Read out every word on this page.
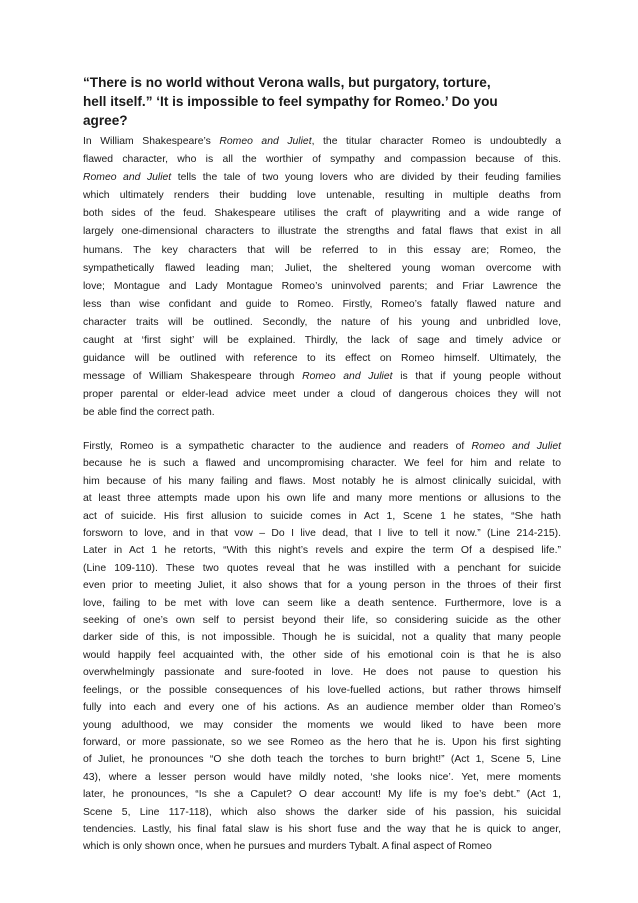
“There is no world without Verona walls, but purgatory, torture,
hell itself.” ‘It is impossible to feel sympathy for Romeo.’ Do you
agree?
In William Shakespeare’s Romeo and Juliet, the titular character Romeo is undoubtedly a
flawed character, who is all the worthier of sympathy and compassion because of this.
Romeo and Juliet tells the tale of two young lovers who are divided by their feuding families
which ultimately renders their budding love untenable, resulting in multiple deaths from
both sides of the feud. Shakespeare utilises the craft of playwriting and a wide range of
largely one-dimensional characters to illustrate the strengths and fatal flaws that exist in all
humans. The key characters that will be referred to in this essay are; Romeo, the
sympathetically flawed leading man; Juliet, the sheltered young woman overcome with
love; Montague and Lady Montague Romeo’s uninvolved parents; and Friar Lawrence the
less than wise confidant and guide to Romeo. Firstly, Romeo’s fatally flawed nature and
character traits will be outlined. Secondly, the nature of his young and unbridled love,
caught at ‘first sight’ will be explained. Thirdly, the lack of sage and timely advice or
guidance will be outlined with reference to its effect on Romeo himself. Ultimately, the
message of William Shakespeare through Romeo and Juliet is that if young people without
proper parental or elder-lead advice meet under a cloud of dangerous choices they will not
be able find the correct path.
Firstly, Romeo is a sympathetic character to the audience and readers of Romeo and Juliet
because he is such a flawed and uncompromising character. We feel for him and relate to
him because of his many failing and flaws. Most notably he is almost clinically suicidal, with
at least three attempts made upon his own life and many more mentions or allusions to the
act of suicide. His first allusion to suicide comes in Act 1, Scene 1 he states, “She hath
forsworn to love, and in that vow – Do I live dead, that I live to tell it now.” (Line 214-215).
Later in Act 1 he retorts, “With this night’s revels and expire the term Of a despised life.”
(Line 109-110). These two quotes reveal that he was instilled with a penchant for suicide
even prior to meeting Juliet, it also shows that for a young person in the throes of their first
love, failing to be met with love can seem like a death sentence. Furthermore, love is a
seeking of one’s own self to persist beyond their life, so considering suicide as the other
darker side of this, is not impossible. Though he is suicidal, not a quality that many people
would happily feel acquainted with, the other side of his emotional coin is that he is also
overwhelmingly passionate and sure-footed in love. He does not pause to question his
feelings, or the possible consequences of his love-fuelled actions, but rather throws himself
fully into each and every one of his actions. As an audience member older than Romeo’s
young adulthood, we may consider the moments we would liked to have been more
forward, or more passionate, so we see Romeo as the hero that he is. Upon his first sighting
of Juliet, he pronounces “O she doth teach the torches to burn bright!” (Act 1, Scene 5, Line
43), where a lesser person would have mildly noted, ‘she looks nice’. Yet, mere moments
later, he pronounces, “Is she a Capulet? O dear account! My life is my foe’s debt.” (Act 1,
Scene 5, Line 117-118), which also shows the darker side of his passion, his suicidal
tendencies. Lastly, his final fatal slaw is his short fuse and the way that he is quick to anger,
which is only shown once, when he pursues and murders Tybalt. A final aspect of Romeo
